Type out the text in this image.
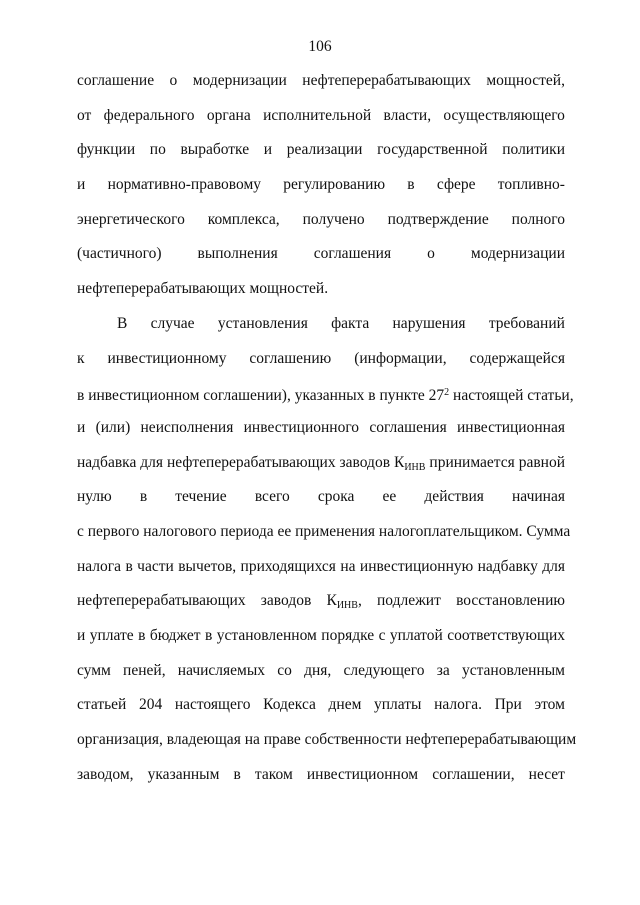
106
соглашение о модернизации нефтеперерабатывающих мощностей,
от федерального органа исполнительной власти, осуществляющего
функции по выработке и реализации государственной политики
и нормативно-правовому регулированию в сфере топливно-
энергетического комплекса, получено подтверждение полного
(частичного) выполнения соглашения о модернизации
нефтеперерабатывающих мощностей.
В случае установления факта нарушения требований
к инвестиционному соглашению (информации, содержащейся
в инвестиционном соглашении), указанных в пункте $27^2$ настоящей статьи,
и (или) неисполнения инвестиционного соглашения инвестиционная
надбавка для нефтеперерабатывающих заводов $К_{ИНВ}$ принимается равной
нулю в течение всего срока ее действия начиная
с первого налогового периода ее применения налогоплательщиком. Сумма
налога в части вычетов, приходящихся на инвестиционную надбавку для
нефтеперерабатывающих заводов $К_{ИНВ}$, подлежит восстановлению
и уплате в бюджет в установленном порядке с уплатой соответствующих
сумм пеней, начисляемых со дня, следующего за установленным
статьей 204 настоящего Кодекса днем уплаты налога. При этом
организация, владеющая на праве собственности нефтеперерабатывающим
заводом, указанным в таком инвестиционном соглашении, несет
